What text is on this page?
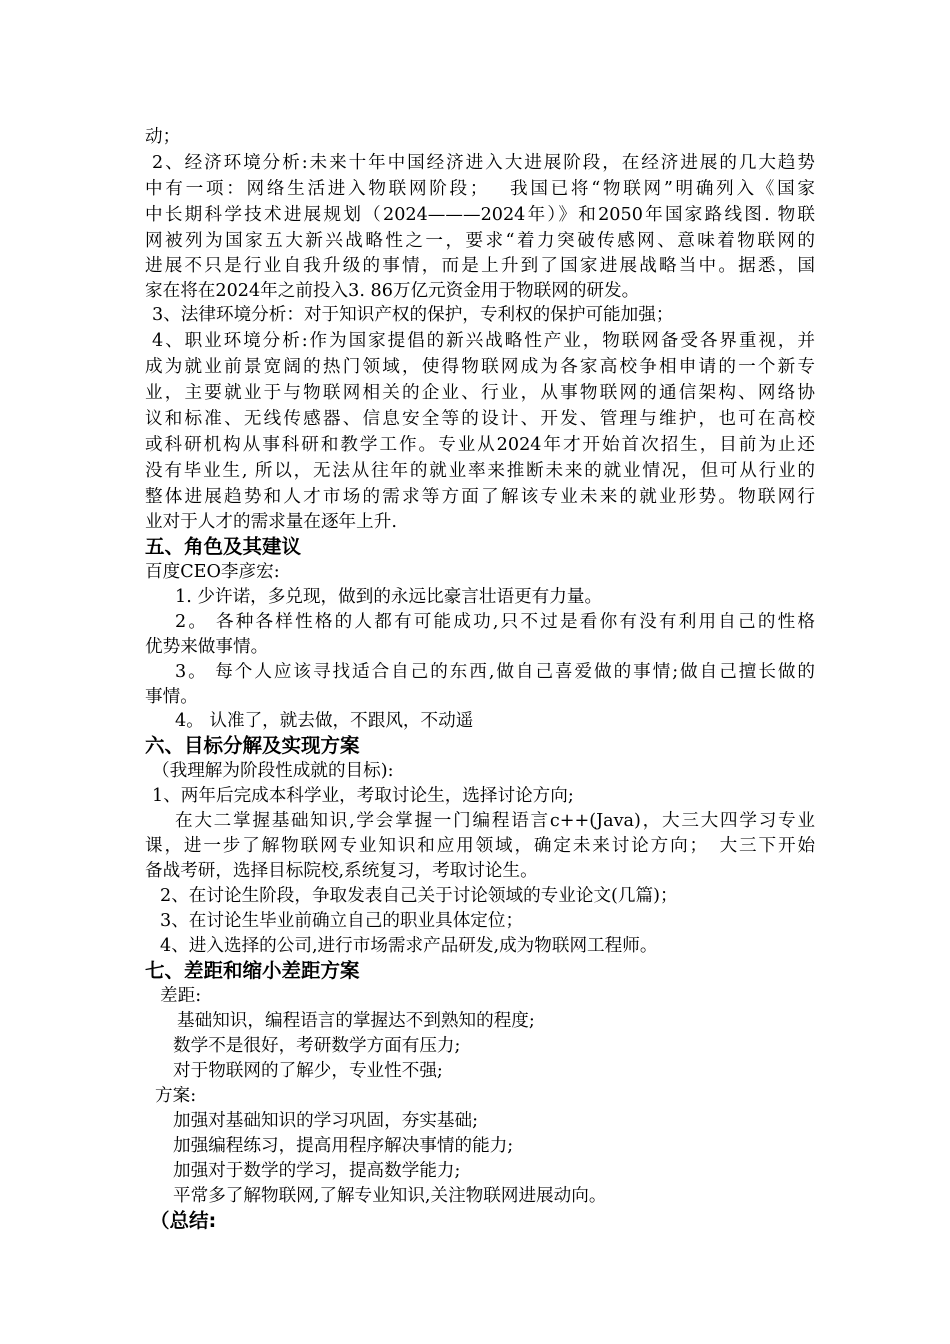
动；
2、经济环境分析:未来十年中国经济进入大进展阶段，在经济进展的几大趋势
中有一项：网络生活进入物联网阶段；　 我国已将“物联网”明确列入《国家
中长期科学技术进展规划（2024———2024年）》和2050年国家路线图. 物联
网被列为国家五大新兴战略性之一，要求“着力突破传感网、意味着物联网的
进展不只是行业自我升级的事情，而是上升到了国家进展战略当中。据悉，国
家在将在2024年之前投入3. 86万亿元资金用于物联网的研发。
3、法律环境分析：对于知识产权的保护，专利权的保护可能加强；
4、职业环境分析:作为国家提倡的新兴战略性产业，物联网备受各界重视，并
成为就业前景宽阔的热门领域，使得物联网成为各家高校争相申请的一个新专
业，主要就业于与物联网相关的企业、行业，从事物联网的通信架构、网络协
议和标准、无线传感器、信息安全等的设计、开发、管理与维护，也可在高校
或科研机构从事科研和教学工作。专业从2024年才开始首次招生，目前为止还
没有毕业生, 所以，无法从往年的就业率来推断未来的就业情况，但可从行业的
整体进展趋势和人才市场的需求等方面了解该专业未来的就业形势。物联网行
业对于人才的需求量在逐年上升.
五、角色及其建议
百度CEO李彦宏:
1. 少许诺，多兑现，做到的永远比豪言壮语更有力量。
2。 各种各样性格的人都有可能成功,只不过是看你有没有利用自己的性格
优势来做事情。
3。 每个人应该寻找适合自己的东西,做自己喜爱做的事情;做自己擅长做的
事情。
4。 认准了，就去做，不跟风，不动遥
六、目标分解及实现方案
（我理解为阶段性成就的目标):
1、两年后完成本科学业，考取讨论生，选择讨论方向;
在大二掌握基础知识,学会掌握一门编程语言c++(Java)，大三大四学习专业
课，进一步了解物联网专业知识和应用领域，确定未来讨论方向；　大三下开始
备战考研，选择目标院校,系统复习，考取讨论生。
2、在讨论生阶段，争取发表自己关于讨论领域的专业论文(几篇)；
3、在讨论生毕业前确立自己的职业具体定位；
4、进入选择的公司,进行市场需求产品研发,成为物联网工程师。
七、差距和缩小差距方案
差距:
基础知识，编程语言的掌握达不到熟知的程度;
数学不是很好，考研数学方面有压力;
对于物联网的了解少，专业性不强;
方案:
加强对基础知识的学习巩固，夯实基础;
加强编程练习，提高用程序解决事情的能力;
加强对于数学的学习，提高数学能力;
平常多了解物联网,了解专业知识,关注物联网进展动向。
（总结:
